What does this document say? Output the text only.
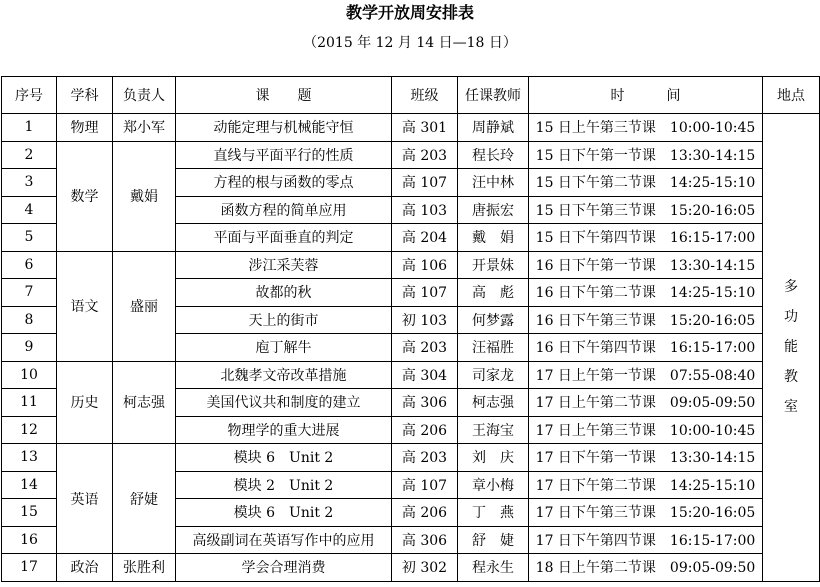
教学开放周安排表
（2015 年 12 月 14 日—18 日）
序号	学科	负责人	课　　题	班级	任课教师	时　　　间	地点
1	物理	郑小军	动能定理与机械能守恒	高 301	周静斌	15 日上午第三节课　10:00-10:45	多
功
能
教
室

2	数学	戴娟	直线与平面平行的性质	高 203	程长玲	15 日下午第一节课　13:30-14:15	
3			方程的根与函数的零点	高 107	汪中林	15 日下午第二节课　14:25-15:10	
4			函数方程的简单应用	高 103	唐振宏	15 日下午第三节课　15:20-16:05	
5			平面与平面垂直的判定	高 204	戴　娟	15 日下午第四节课　16:15-17:00	
6	语文	盛丽	涉江采芙蓉	高 106	开景妹	16 日下午第一节课　13:30-14:15	
7			故都的秋	高 107	高　彪	16 日下午第二节课　14:25-15:10	
8			天上的街市	初 103	何梦露	16 日下午第三节课　15:20-16:05	
9			庖丁解牛	高 203	汪福胜	16 日下午第四节课　16:15-17:00	
10	历史	柯志强	北魏孝文帝改革措施	高 304	司家龙	17 日上午第一节课　07:55-08:40	
11			美国代议共和制度的建立	高 306	柯志强	17 日上午第二节课　09:05-09:50	
12			物理学的重大进展	高 206	王海宝	17 日上午第三节课　10:00-10:45	
13	英语	舒婕	模块 6　Unit 2	高 203	刘　庆	17 日下午第一节课　13:30-14:15	
14			模块 2　Unit 2	高 107	章小梅	17 日下午第二节课　14:25-15:10	
15			模块 6　Unit 2	高 206	丁　燕	17 日下午第三节课　15:20-16:05	
16			高级副词在英语写作中的应用	高 306	舒　婕	17 日下午第四节课　16:15-17:00	
17	政治	张胜利	学会合理消费	初 302	程永生	18 日上午第二节课　09:05-09:50	
